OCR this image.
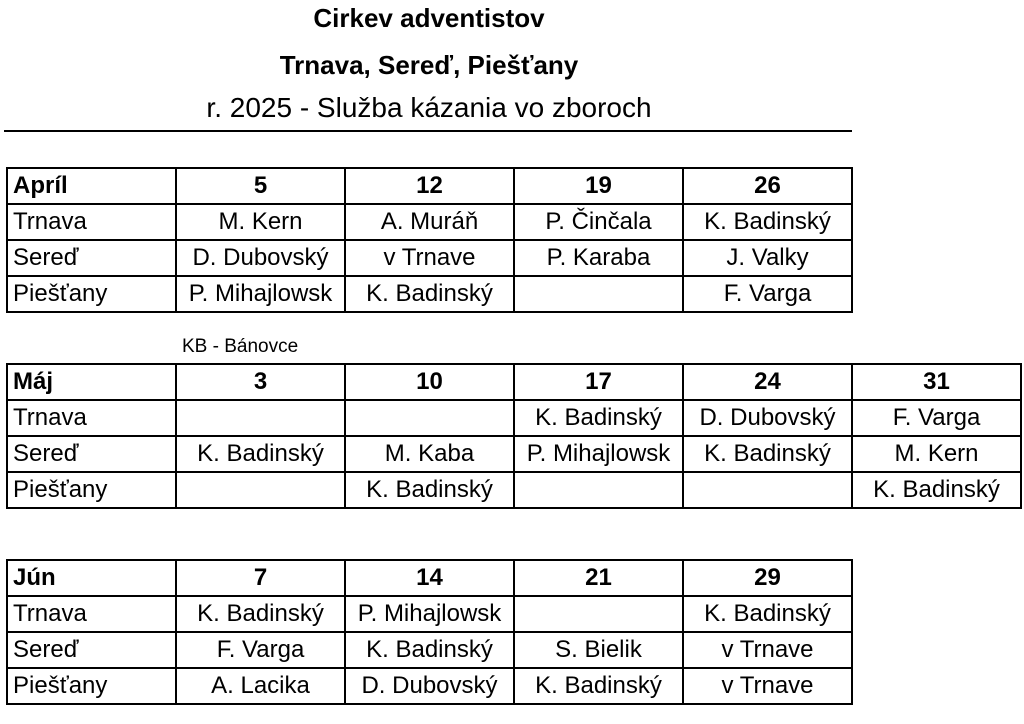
Cirkev adventistov
Trnava, Sereď, Piešťany
r. 2025 - Služba kázania vo zboroch
Apríl	5	12	19	26
Trnava	M. Kern	A. Muráň	P. Činčala	K. Badinský
Sereď	D. Dubovský	v Trnave	P. Karaba	J. Valky
Piešťany	P. Mihajlowsk	K. Badinský		F. Varga
KB - Bánovce
Máj	3	10	17	24	31
Trnava			K. Badinský	D. Dubovský	F. Varga
Sereď	K. Badinský	M. Kaba	P. Mihajlowsk	K. Badinský	M. Kern
Piešťany		K. Badinský			K. Badinský
Jún	7	14	21	29
Trnava	K. Badinský	P. Mihajlowsk		K. Badinský
Sereď	F. Varga	K. Badinský	S. Bielik	v Trnave
Piešťany	A. Lacika	D. Dubovský	K. Badinský	v Trnave
